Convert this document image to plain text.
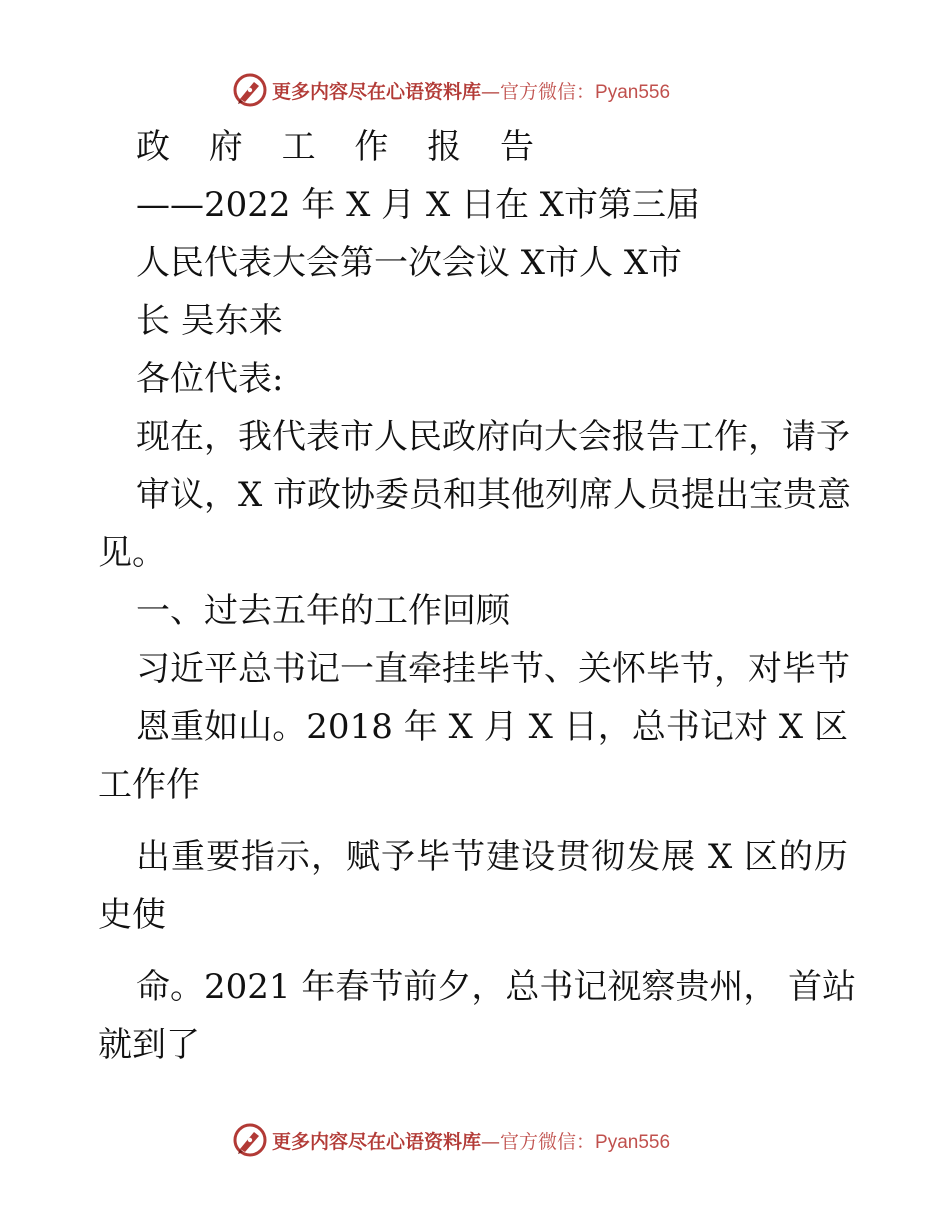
更多内容尽在心语资料库—官方微信：Pyan556
政 府 工 作 报 告
——2022 年 X 月 X 日在 X市第三届
人民代表大会第一次会议 X市人 X市
长 吴东来
各位代表:
现在，我代表市人民政府向大会报告工作，请予
审议，X 市政协委员和其他列席人员提出宝贵意
见。
一、过去五年的工作回顾
习近平总书记一直牵挂毕节、关怀毕节，对毕节
恩重如山。2018 年 X 月 X 日，总书记对 X 区
工作作
出重要指示，赋予毕节建设贯彻发展 X 区的历
史使
命。2021 年春节前夕，总书记视察贵州， 首站
就到了
更多内容尽在心语资料库—官方微信：Pyan556
